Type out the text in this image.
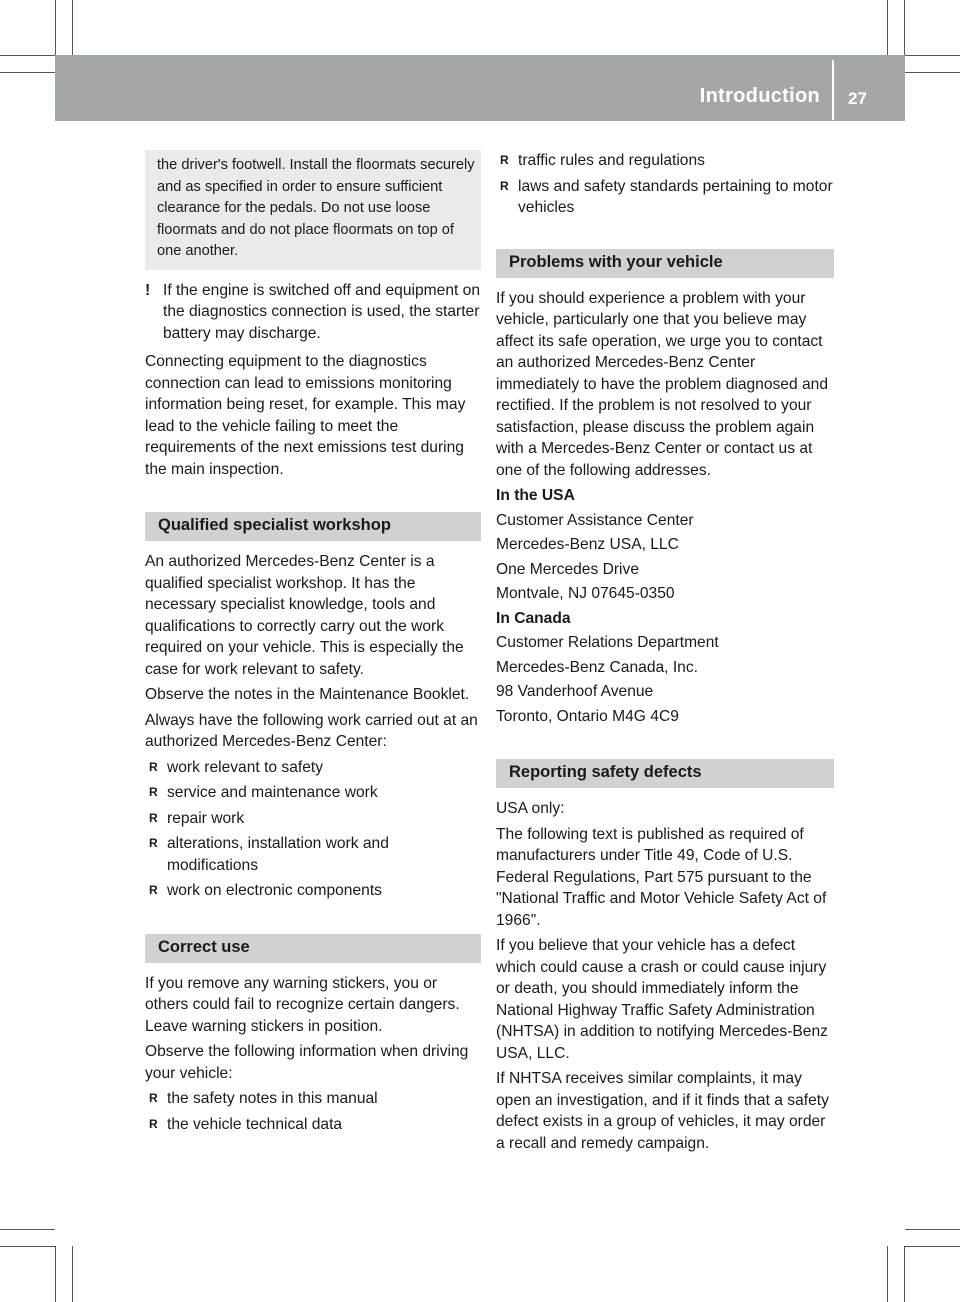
Introduction 27
the driver's footwell. Install the floormats securely and as specified in order to ensure sufficient clearance for the pedals. Do not use loose floormats and do not place floormats on top of one another.
! If the engine is switched off and equipment on the diagnostics connection is used, the starter battery may discharge.

Connecting equipment to the diagnostics connection can lead to emissions monitoring information being reset, for example. This may lead to the vehicle failing to meet the requirements of the next emissions test during the main inspection.

Qualified specialist workshop

An authorized Mercedes-Benz Center is a qualified specialist workshop. It has the necessary specialist knowledge, tools and qualifications to correctly carry out the work required on your vehicle. This is especially the case for work relevant to safety.

Observe the notes in the Maintenance Booklet.

Always have the following work carried out at an authorized Mercedes-Benz Center:

R work relevant to safety
R service and maintenance work
R repair work
R alterations, installation work and modifications
R work on electronic components
Correct use

If you remove any warning stickers, you or others could fail to recognize certain dangers. Leave warning stickers in position.

Observe the following information when driving your vehicle:

R the safety notes in this manual
R the vehicle technical data
R traffic rules and regulations
R laws and safety standards pertaining to motor vehicles
Problems with your vehicle

If you should experience a problem with your vehicle, particularly one that you believe may affect its safe operation, we urge you to contact an authorized Mercedes-Benz Center immediately to have the problem diagnosed and rectified. If the problem is not resolved to your satisfaction, please discuss the problem again with a Mercedes-Benz Center or contact us at one of the following addresses.

In the USA

Customer Assistance Center

Mercedes-Benz USA, LLC

One Mercedes Drive

Montvale, NJ 07645-0350

In Canada

Customer Relations Department

Mercedes-Benz Canada, Inc.

98 Vanderhoof Avenue

Toronto, Ontario M4G 4C9

Reporting safety defects

USA only:

The following text is published as required of manufacturers under Title 49, Code of U.S. Federal Regulations, Part 575 pursuant to the "National Traffic and Motor Vehicle Safety Act of 1966".

If you believe that your vehicle has a defect which could cause a crash or could cause injury or death, you should immediately inform the National Highway Traffic Safety Administration (NHTSA) in addition to notifying Mercedes-Benz USA, LLC.

If NHTSA receives similar complaints, it may open an investigation, and if it finds that a safety defect exists in a group of vehicles, it may order a recall and remedy campaign.
